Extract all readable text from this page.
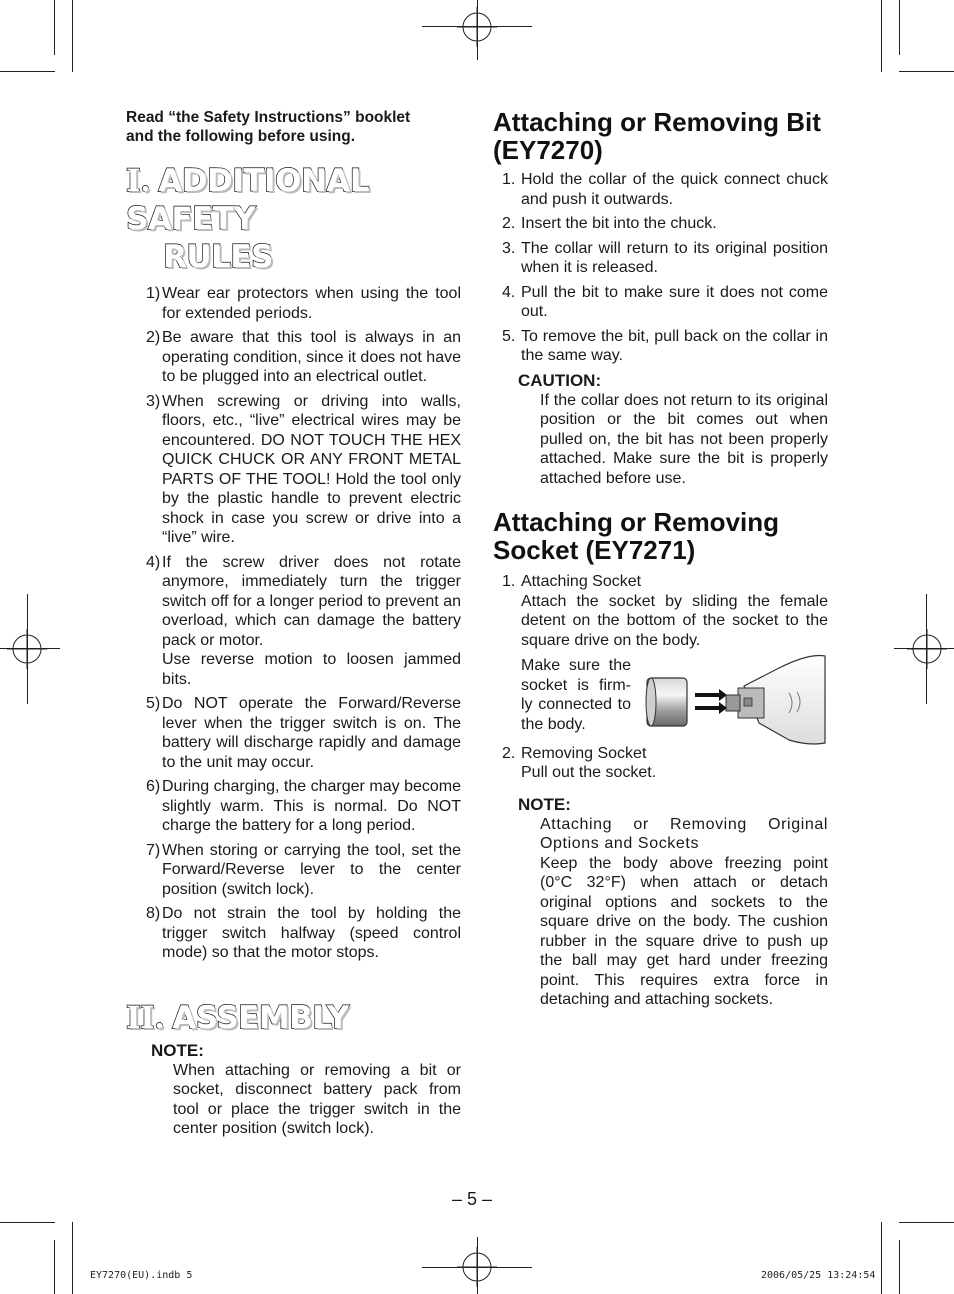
Read “the Safety Instructions” booklet
and the following before using.
I. ADDITIONAL SAFETY
RULES
1) Wear ear protectors when using the tool for extended periods.
2) Be aware that this tool is always in an operating condition, since it does not have to be plugged into an electrical outlet.
3) When screwing or driving into walls, floors, etc., “live” electrical wires may be encountered. DO NOT TOUCH THE HEX QUICK CHUCK OR ANY FRONT METAL PARTS OF THE TOOL! Hold the tool only by the plastic handle to prevent electric shock in case you screw or drive into a “live” wire.
4) If the screw driver does not rotate anymore, immediately turn the trigger switch off for a longer period to prevent an overload, which can damage the battery pack or motor.
Use reverse motion to loosen jammed bits.
5) Do NOT operate the Forward/Reverse lever when the trigger switch is on. The battery will discharge rapidly and damage to the unit may occur.
6) During charging, the charger may become slightly warm. This is normal. Do NOT charge the battery for a long period.
7) When storing or carrying the tool, set the Forward/Reverse lever to the center position (switch lock).
8) Do not strain the tool by holding the trigger switch halfway (speed control mode) so that the motor stops.
II. ASSEMBLY
NOTE:
When attaching or removing a bit or socket, disconnect battery pack from tool or place the trigger switch in the center position (switch lock).
Attaching or Removing Bit
(EY7270)
1. Hold the collar of the quick connect chuck and push it outwards.
2. Insert the bit into the chuck.
3. The collar will return to its original position when it is released.
4. Pull the bit to make sure it does not come out.
5. To remove the bit, pull back on the collar in the same way.
CAUTION:
If the collar does not return to its original position or the bit comes out when pulled on, the bit has not been properly attached. Make sure the bit is properly attached before use.
Attaching or Removing
Socket (EY7271)
1. Attaching Socket
Attach the socket by sliding the female detent on the bottom of the socket to the square drive on the body.
Make sure the socket is firm-ly connected to the body.
2. Removing Socket
Pull out the socket.
NOTE:
Attaching or Removing Original Options and Sockets
Keep the body above freezing point (0°C 32°F) when attach or detach original options and sockets to the square drive on the body. The cushion rubber in the square drive to push up the ball may get hard under freezing point. This requires extra force in detaching and attaching sockets.
– 5 –
EY7270(EU).indb 5	2006/05/25 13:24:54
